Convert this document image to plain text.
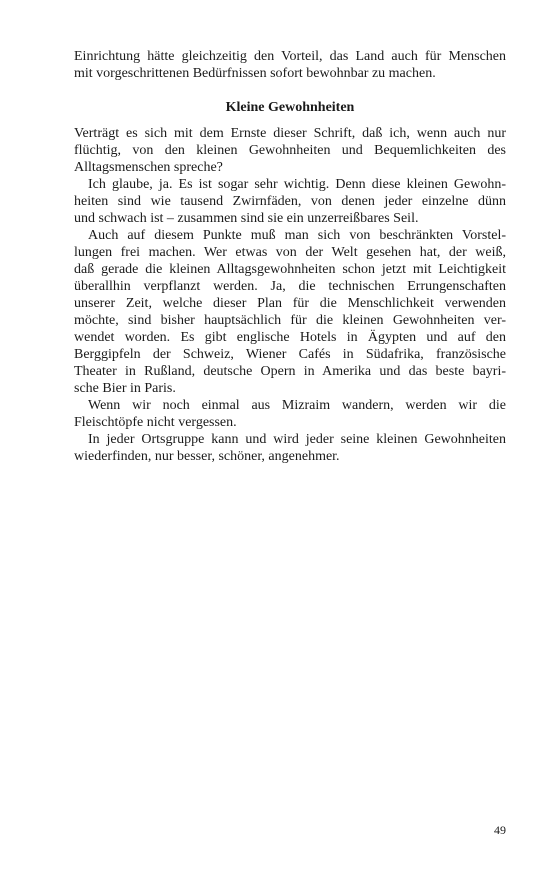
Einrichtung hätte gleichzeitig den Vorteil, das Land auch für Menschen
mit vorgeschrittenen Bedürfnissen sofort bewohnbar zu machen.
Kleine Gewohnheiten
Verträgt es sich mit dem Ernste dieser Schrift, daß ich, wenn auch nur
flüchtig, von den kleinen Gewohnheiten und Bequemlichkeiten des
Alltagsmenschen spreche?
Ich glaube, ja. Es ist sogar sehr wichtig. Denn diese kleinen Gewohn-
heiten sind wie tausend Zwirnfäden, von denen jeder einzelne dünn
und schwach ist – zusammen sind sie ein unzerreißbares Seil.
Auch auf diesem Punkte muß man sich von beschränkten Vorstel-
lungen frei machen. Wer etwas von der Welt gesehen hat, der weiß,
daß gerade die kleinen Alltagsgewohnheiten schon jetzt mit Leichtigkeit
überallhin verpflanzt werden. Ja, die technischen Errungenschaften
unserer Zeit, welche dieser Plan für die Menschlichkeit verwenden
möchte, sind bisher hauptsächlich für die kleinen Gewohnheiten ver-
wendet worden. Es gibt englische Hotels in Ägypten und auf den
Berggipfeln der Schweiz, Wiener Cafés in Südafrika, französische
Theater in Rußland, deutsche Opern in Amerika und das beste bayri-
sche Bier in Paris.
Wenn wir noch einmal aus Mizraim wandern, werden wir die
Fleischtöpfe nicht vergessen.
In jeder Ortsgruppe kann und wird jeder seine kleinen Gewohnheiten
wiederfinden, nur besser, schöner, angenehmer.
49
